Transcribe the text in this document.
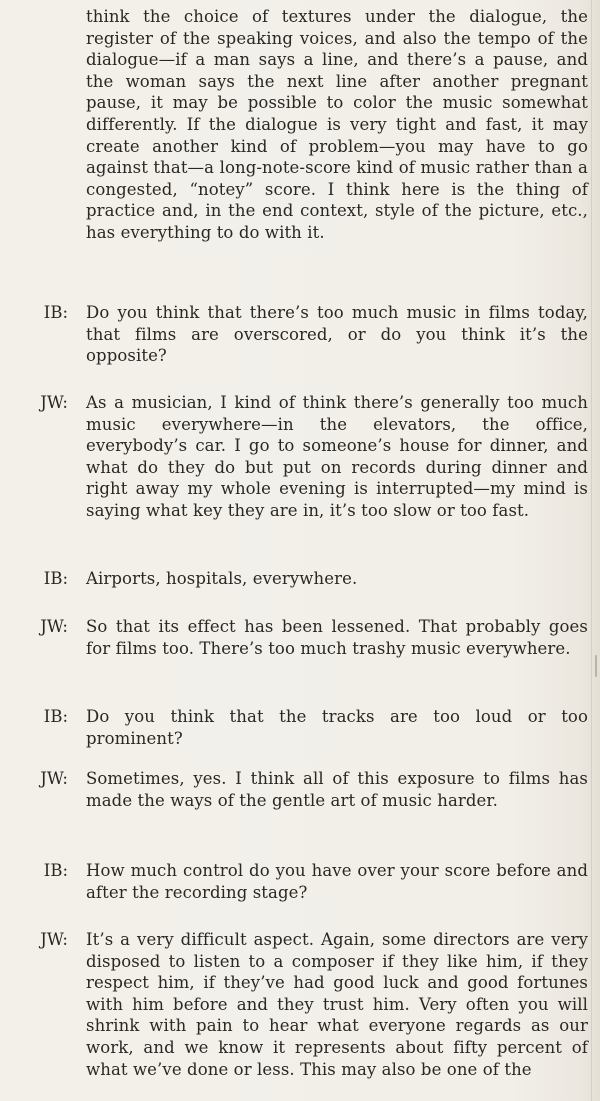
think the choice of textures under the dialogue, the register of the speaking voices, and also the tempo of the dialogue—if a man says a line, and there’s a pause, and the woman says the next line after another pregnant pause, it may be possible to color the music somewhat differently. If the dialogue is very tight and fast, it may create another kind of problem—you may have to go against that—a long-note-score kind of music rather than a congested, “notey” score. I think here is the thing of practice and, in the end context, style of the picture, etc., has everything to do with it.
IB: Do you think that there’s too much music in films today, that films are overscored, or do you think it’s the opposite?
JW: As a musician, I kind of think there’s generally too much music everywhere—in the elevators, the office, everybody’s car. I go to someone’s house for dinner, and what do they do but put on records during dinner and right away my whole evening is interrupted—my mind is saying what key they are in, it’s too slow or too fast.
IB: Airports, hospitals, everywhere.
JW: So that its effect has been lessened. That probably goes for films too. There’s too much trashy music everywhere.
IB: Do you think that the tracks are too loud or too prominent?
JW: Sometimes, yes. I think all of this exposure to films has made the ways of the gentle art of music harder.
IB: How much control do you have over your score before and after the recording stage?
JW: It’s a very difficult aspect. Again, some directors are very disposed to listen to a composer if they like him, if they respect him, if they’ve had good luck and good fortunes with him before and they trust him. Very often you will shrink with pain to hear what everyone regards as our work, and we know it represents about fifty percent of what we’ve done or less. This may also be one of the
